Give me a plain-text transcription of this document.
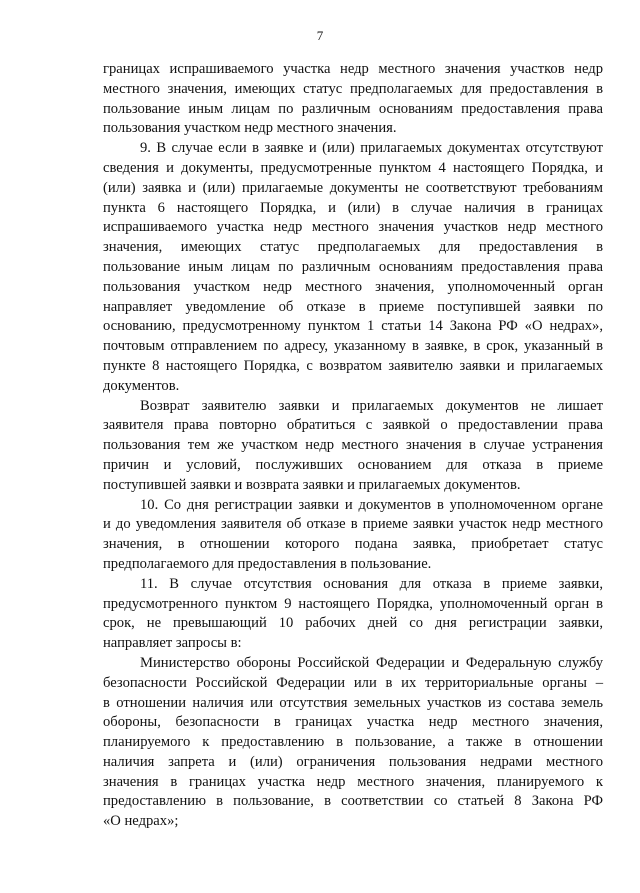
7
границах испрашиваемого участка недр местного значения участков недр
местного значения, имеющих статус предполагаемых для предоставления в
пользование иным лицам по различным основаниям предоставления права
пользования участком недр местного значения.
9. В случае если в заявке и (или) прилагаемых документах отсутствуют
сведения и документы, предусмотренные пунктом 4 настоящего Порядка, и
(или) заявка и (или) прилагаемые документы не соответствуют требованиям
пункта 6 настоящего Порядка, и (или) в случае наличия в границах
испрашиваемого участка недр местного значения участков недр местного
значения, имеющих статус предполагаемых для предоставления в
пользование иным лицам по различным основаниям предоставления права
пользования участком недр местного значения, уполномоченный орган
направляет уведомление об отказе в приеме поступившей заявки по
основанию, предусмотренному пунктом 1 статьи 14 Закона РФ «О недрах»,
почтовым отправлением по адресу, указанному в заявке, в срок, указанный в
пункте 8 настоящего Порядка, с возвратом заявителю заявки и прилагаемых
документов.
Возврат заявителю заявки и прилагаемых документов не лишает
заявителя права повторно обратиться с заявкой о предоставлении права
пользования тем же участком недр местного значения в случае устранения
причин и условий, послуживших основанием для отказа в приеме
поступившей заявки и возврата заявки и прилагаемых документов.
10. Со дня регистрации заявки и документов в уполномоченном органе
и до уведомления заявителя об отказе в приеме заявки участок недр местного
значения, в отношении которого подана заявка, приобретает статус
предполагаемого для предоставления в пользование.
11. В случае отсутствия основания для отказа в приеме заявки,
предусмотренного пунктом 9 настоящего Порядка, уполномоченный орган в
срок, не превышающий 10 рабочих дней со дня регистрации заявки,
направляет запросы в:
Министерство обороны Российской Федерации и Федеральную службу
безопасности Российской Федерации или в их территориальные органы –
в отношении наличия или отсутствия земельных участков из состава земель
обороны, безопасности в границах участка недр местного значения,
планируемого к предоставлению в пользование, а также в отношении
наличия запрета и (или) ограничения пользования недрами местного
значения в границах участка недр местного значения, планируемого к
предоставлению в пользование, в соответствии со статьей 8 Закона РФ
«О недрах»;
